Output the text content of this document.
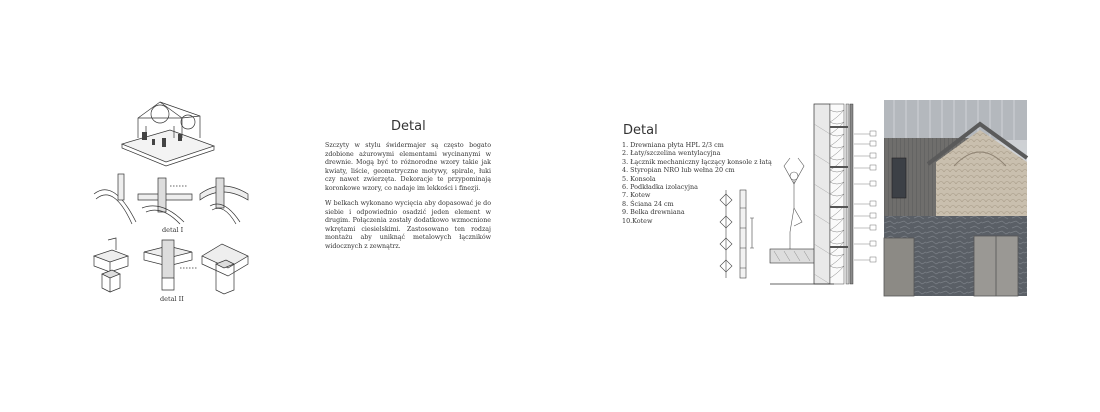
detal I
detal II
Detal

Szczyty w stylu świdermajer są często bogato zdobione ażurowymi elementami wycinanymi w drewnie. Mogą być to różnorodne wzory takie jak kwiaty, liście, geometryczne motywy, spirale, łuki czy nawet zwierzęta. Dekoracje te przypominają koronkowe wzory, co nadaje im lekkości i finezji.

W belkach wykonano wycięcia aby dopasować je do siebie i odpowiednio osadzić jeden element w drugim. Połączenia zostały dodatkowo wzmocnione wkrętami ciesielskimi. Zastosowano ten rodzaj montażu aby uniknąć metalowych łączników widocznych z zewnątrz.

Detal
1. Drewniana płyta HPL 2/3 cm
2. Łaty/szczelina wentylacyjna
3. Łącznik mechaniczny łączący konsole z łatą
4. Styropian NRO lub wełna 20 cm
5. Konsola
6. Podkładka izolacyjna
7. Kotew
8. Ściana 24 cm
9. Belka drewniana
10.Kotew
